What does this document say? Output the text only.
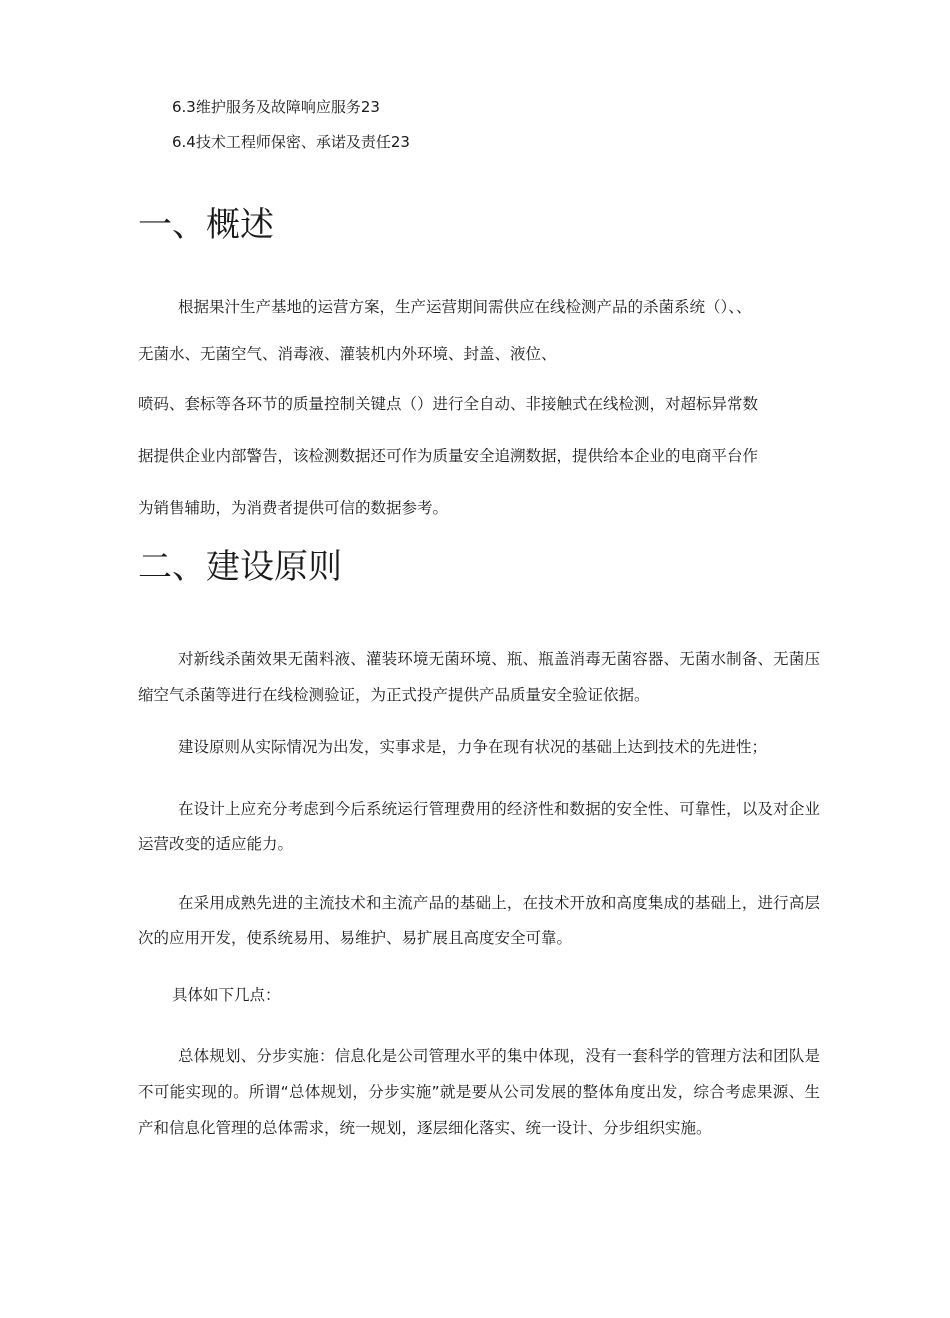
6.3维护服务及故障响应服务23
6.4技术工程师保密、承诺及责任23
一、概述
根据果汁生产基地的运营方案，生产运营期间需供应在线检测产品的杀菌系统（）、、
无菌水、无菌空气、消毒液、灌装机内外环境、封盖、液位、
喷码、套标等各环节的质量控制关键点（）进行全自动、非接触式在线检测，对超标异常数
据提供企业内部警告，该检测数据还可作为质量安全追溯数据，提供给本企业的电商平台作
为销售辅助，为消费者提供可信的数据参考。
二、建设原则

对新线杀菌效果无菌料液、灌装环境无菌环境、瓶、瓶盖消毒无菌容器、无菌水制备、无菌压缩空气杀菌等进行在线检测验证，为正式投产提供产品质量安全验证依据。

建设原则从实际情况为出发，实事求是，力争在现有状况的基础上达到技术的先进性；

在设计上应充分考虑到今后系统运行管理费用的经济性和数据的安全性、可靠性，以及对企业运营改变的适应能力。

在采用成熟先进的主流技术和主流产品的基础上，在技术开放和高度集成的基础上，进行高层次的应用开发，使系统易用、易维护、易扩展且高度安全可靠。

具体如下几点：

总体规划、分步实施：信息化是公司管理水平的集中体现，没有一套科学的管理方法和团队是不可能实现的。所谓“总体规划，分步实施”就是要从公司发展的整体角度出发，综合考虑果源、生产和信息化管理的总体需求，统一规划，逐层细化落实、统一设计、分步组织实施。
